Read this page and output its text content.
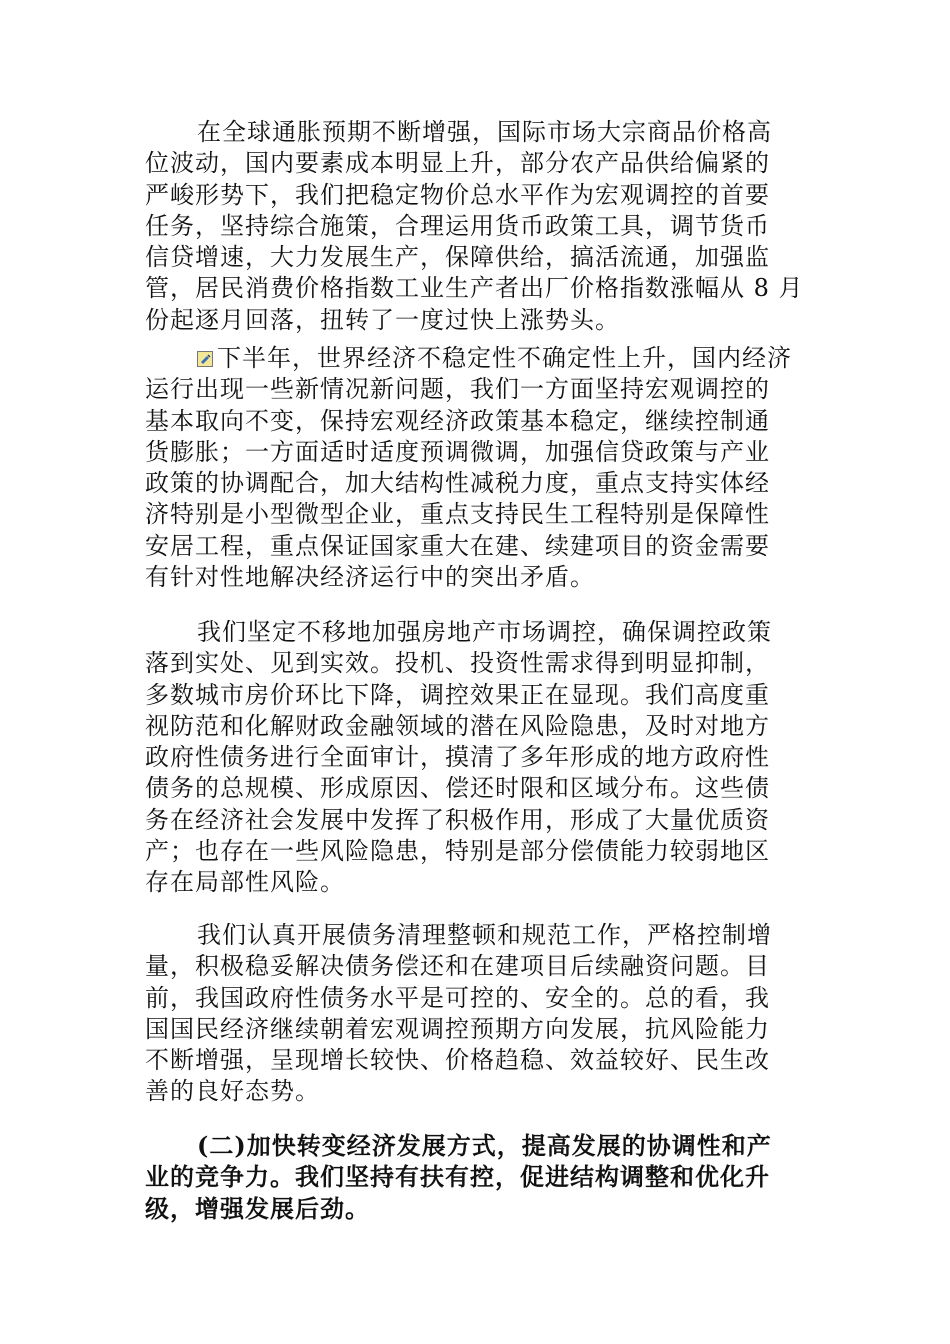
在全球通胀预期不断增强，国际市场大宗商品价格高
位波动，国内要素成本明显上升，部分农产品供给偏紧的
严峻形势下，我们把稳定物价总水平作为宏观调控的首要
任务，坚持综合施策，合理运用货币政策工具，调节货币
信贷增速，大力发展生产，保障供给，搞活流通，加强监
管，居民消费价格指数工业生产者出厂价格指数涨幅从 8 月
份起逐月回落，扭转了一度过快上涨势头。
下半年，世界经济不稳定性不确定性上升，国内经济
运行出现一些新情况新问题，我们一方面坚持宏观调控的
基本取向不变，保持宏观经济政策基本稳定，继续控制通
货膨胀；一方面适时适度预调微调，加强信贷政策与产业
政策的协调配合，加大结构性减税力度，重点支持实体经
济特别是小型微型企业，重点支持民生工程特别是保障性
安居工程，重点保证国家重大在建、续建项目的资金需要
有针对性地解决经济运行中的突出矛盾。
我们坚定不移地加强房地产市场调控，确保调控政策
落到实处、见到实效。投机、投资性需求得到明显抑制，
多数城市房价环比下降，调控效果正在显现。我们高度重
视防范和化解财政金融领域的潜在风险隐患，及时对地方
政府性债务进行全面审计，摸清了多年形成的地方政府性
债务的总规模、形成原因、偿还时限和区域分布。这些债
务在经济社会发展中发挥了积极作用，形成了大量优质资
产；也存在一些风险隐患，特别是部分偿债能力较弱地区
存在局部性风险。
我们认真开展债务清理整顿和规范工作，严格控制增
量，积极稳妥解决债务偿还和在建项目后续融资问题。目
前，我国政府性债务水平是可控的、安全的。总的看，我
国国民经济继续朝着宏观调控预期方向发展，抗风险能力
不断增强，呈现增长较快、价格趋稳、效益较好、民生改
善的良好态势。
(二)加快转变经济发展方式，提高发展的协调性和产
业的竞争力。我们坚持有扶有控，促进结构调整和优化升
级，增强发展后劲。
